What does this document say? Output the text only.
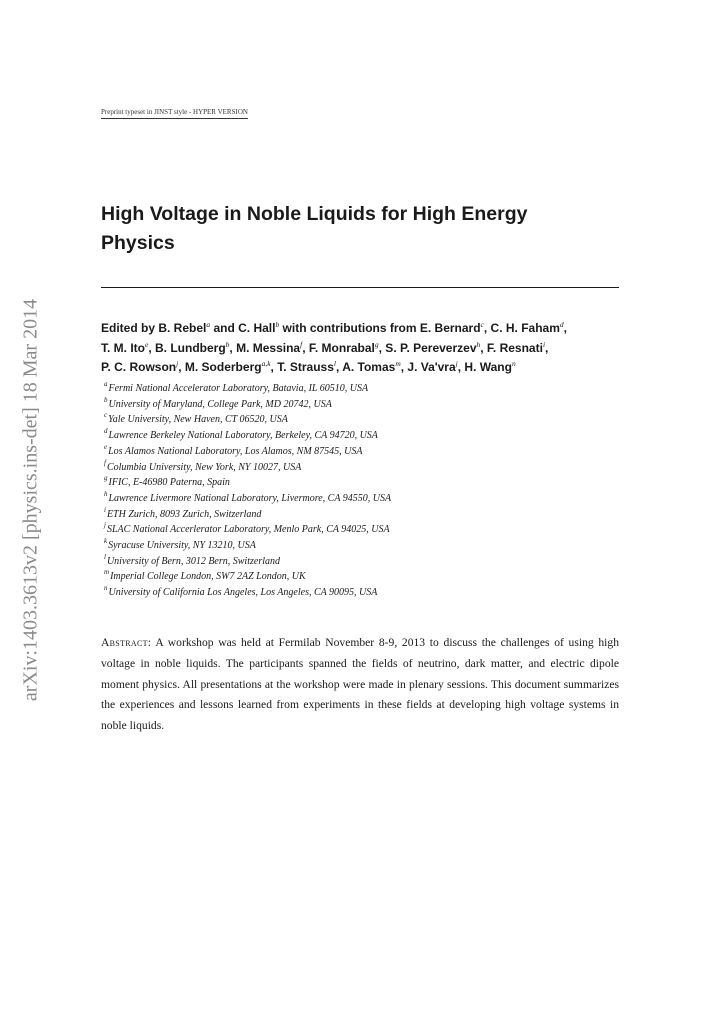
arXiv:1403.3613v2 [physics.ins-det] 18 Mar 2014
Preprint typeset in JINST style - HYPER VERSION
High Voltage in Noble Liquids for High Energy
Physics
Edited by B. Rebel$^a$ and C. Hall$^b$ with contributions from E. Bernard$^c$, C. H. Faham$^d$,
T. M. Ito$^e$, B. Lundberg$^b$, M. Messina$^f$, F. Monrabal$^g$, S. P. Pereverzev$^h$, F. Resnati$^i$,
P. C. Rowson$^j$, M. Soderberg$^{a,k}$, T. Strauss$^l$, A. Tomas$^m$, J. Va'vra$^j$, H. Wang$^n$
$^a$Fermi National Accelerator Laboratory, Batavia, IL 60510, USA
$^b$University of Maryland, College Park, MD 20742, USA
$^c$Yale University, New Haven, CT 06520, USA
$^d$Lawrence Berkeley National Laboratory, Berkeley, CA 94720, USA
$^e$Los Alamos National Laboratory, Los Alamos, NM 87545, USA
$^f$Columbia University, New York, NY 10027, USA
$^g$IFIC, E-46980 Paterna, Spain
$^h$Lawrence Livermore National Laboratory, Livermore, CA 94550, USA
$^i$ETH Zurich, 8093 Zurich, Switzerland
$^j$SLAC National Accerlerator Laboratory, Menlo Park, CA 94025, USA
$^k$Syracuse University, NY 13210, USA
$^l$University of Bern, 3012 Bern, Switzerland
$^m$Imperial College London, SW7 2AZ London, UK
$^n$University of California Los Angeles, Los Angeles, CA 90095, USA
Abstract: A workshop was held at Fermilab November 8-9, 2013 to discuss the challenges of using high voltage in noble liquids. The participants spanned the fields of neutrino, dark matter, and electric dipole moment physics. All presentations at the workshop were made in plenary sessions. This document summarizes the experiences and lessons learned from experiments in these fields at developing high voltage systems in noble liquids.
